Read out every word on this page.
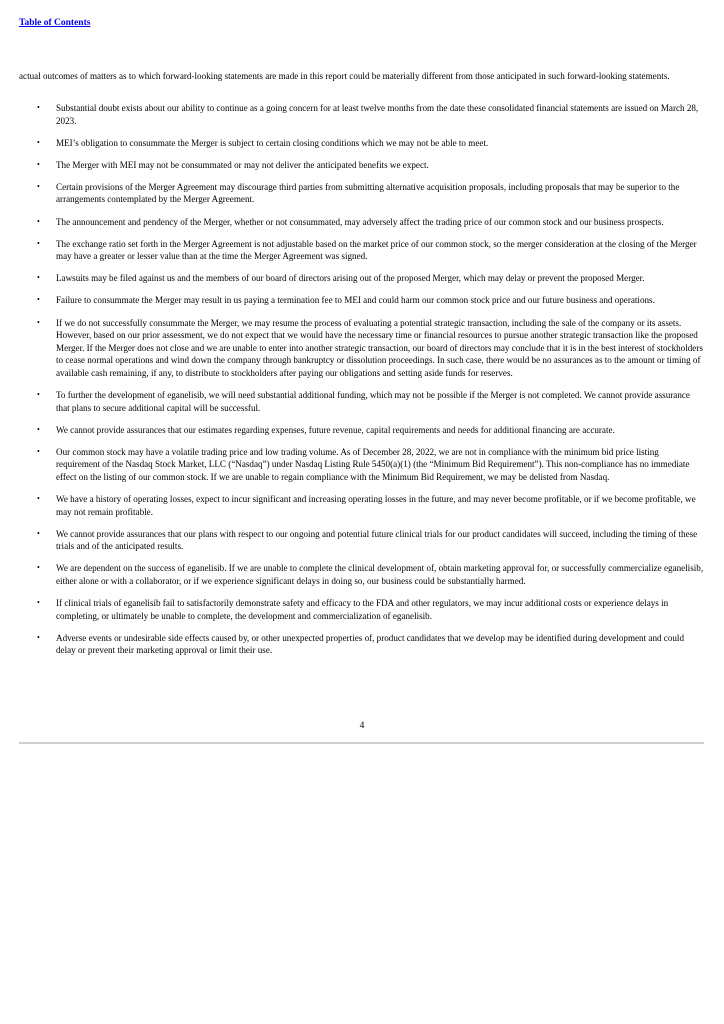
Table of Contents

actual outcomes of matters as to which forward-looking statements are made in this report could be materially different from those anticipated in such forward-looking statements.

• Substantial doubt exists about our ability to continue as a going concern for at least twelve months from the date these consolidated financial statements are issued on March 28, 2023.
• MEI’s obligation to consummate the Merger is subject to certain closing conditions which we may not be able to meet.
• The Merger with MEI may not be consummated or may not deliver the anticipated benefits we expect.
• Certain provisions of the Merger Agreement may discourage third parties from submitting alternative acquisition proposals, including proposals that may be superior to the arrangements contemplated by the Merger Agreement.
• The announcement and pendency of the Merger, whether or not consummated, may adversely affect the trading price of our common stock and our business prospects.
• The exchange ratio set forth in the Merger Agreement is not adjustable based on the market price of our common stock, so the merger consideration at the closing of the Merger may have a greater or lesser value than at the time the Merger Agreement was signed.
• Lawsuits may be filed against us and the members of our board of directors arising out of the proposed Merger, which may delay or prevent the proposed Merger.
• Failure to consummate the Merger may result in us paying a termination fee to MEI and could harm our common stock price and our future business and operations.
• If we do not successfully consummate the Merger, we may resume the process of evaluating a potential strategic transaction, including the sale of the company or its assets. However, based on our prior assessment, we do not expect that we would have the necessary time or financial resources to pursue another strategic transaction like the proposed Merger. If the Merger does not close and we are unable to enter into another strategic transaction, our board of directors may conclude that it is in the best interest of stockholders to cease normal operations and wind down the company through bankruptcy or dissolution proceedings. In such case, there would be no assurances as to the amount or timing of available cash remaining, if any, to distribute to stockholders after paying our obligations and setting aside funds for reserves.
• To further the development of eganelisib, we will need substantial additional funding, which may not be possible if the Merger is not completed. We cannot provide assurance that plans to secure additional capital will be successful.
• We cannot provide assurances that our estimates regarding expenses, future revenue, capital requirements and needs for additional financing are accurate.
• Our common stock may have a volatile trading price and low trading volume. As of December 28, 2022, we are not in compliance with the minimum bid price listing requirement of the Nasdaq Stock Market, LLC (“Nasdaq”) under Nasdaq Listing Rule 5450(a)(1) (the “Minimum Bid Requirement”). This non-compliance has no immediate effect on the listing of our common stock. If we are unable to regain compliance with the Minimum Bid Requirement, we may be delisted from Nasdaq.
• We have a history of operating losses, expect to incur significant and increasing operating losses in the future, and may never become profitable, or if we become profitable, we may not remain profitable.
• We cannot provide assurances that our plans with respect to our ongoing and potential future clinical trials for our product candidates will succeed, including the timing of these trials and of the anticipated results.
• We are dependent on the success of eganelisib. If we are unable to complete the clinical development of, obtain marketing approval for, or successfully commercialize eganelisib, either alone or with a collaborator, or if we experience significant delays in doing so, our business could be substantially harmed.
• If clinical trials of eganelisib fail to satisfactorily demonstrate safety and efficacy to the FDA and other regulators, we may incur additional costs or experience delays in completing, or ultimately be unable to complete, the development and commercialization of eganelisib.
• Adverse events or undesirable side effects caused by, or other unexpected properties of, product candidates that we develop may be identified during development and could delay or prevent their marketing approval or limit their use.
4
